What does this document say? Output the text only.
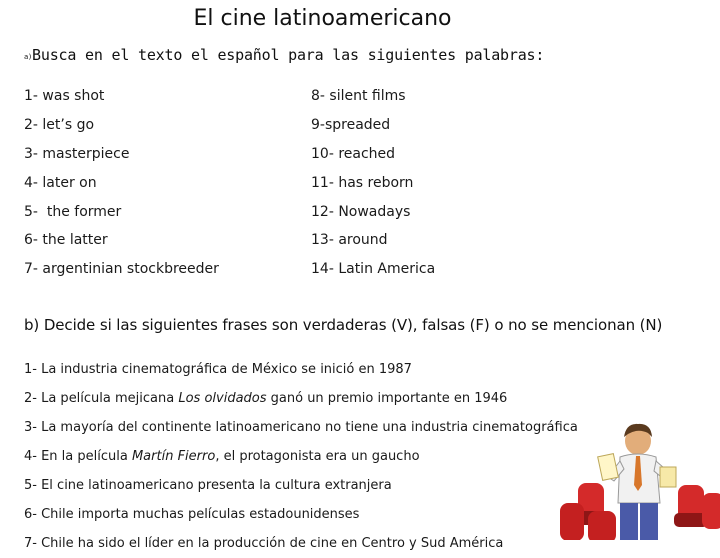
El cine latinoamericano
a)Busca en el texto el español para las siguientes palabras:
1- was shot	8- silent films
2- let’s go	9-spreaded
3- masterpiece	10- reached
4- later on	11- has reborn
5-  the former	12- Nowadays
6- the latter	13- around
7- argentinian stockbreeder	14- Latin America
b) Decide si las siguientes frases son verdaderas (V), falsas (F) o no se mencionan (N)
1- La industria cinematográfica de México se inició en 1987
2- La película mejicana Los olvidados ganó un premio importante en 1946
3- La mayoría del continente latinoamericano no tiene una industria cinematográfica
4- En la película Martín Fierro , el protagonista era un gaucho
5- El cine latinoamericano presenta la cultura extranjera
6- Chile importa muchas películas estadounidenses
7- Chile ha sido el líder en la producción de cine en Centro y Sud América
